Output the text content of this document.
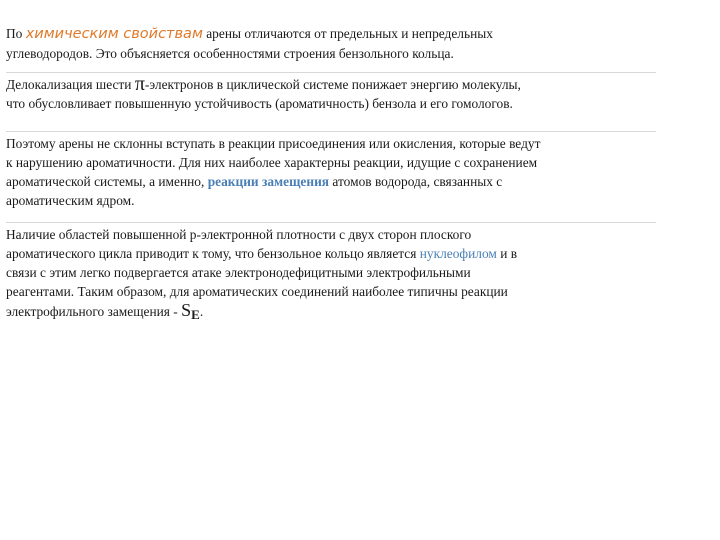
По химическим свойствам арены отличаются от предельных и непредельных
углеводородов. Это объясняется особенностями строения бензольного кольца.
Делокализация шести π-электронов в циклической системе понижает энергию молекулы,
что обусловливает повышенную устойчивость (ароматичность) бензола и его гомологов.
Поэтому арены не склонны вступать в реакции присоединения или окисления, которые ведут
к нарушению ароматичности. Для них наиболее характерны реакции, идущие с сохранением
ароматической системы, а именно, реакции замещения атомов водорода, связанных с
ароматическим ядром.
Наличие областей повышенной р-электронной плотности с двух сторон плоского
ароматического цикла приводит к тому, что бензольное кольцо является нуклеофилом и в
связи с этим легко подвергается атаке электронодефицитными электрофильными
реагентами. Таким образом, для ароматических соединений наиболее типичны реакции
электрофильного замещения - SE.
